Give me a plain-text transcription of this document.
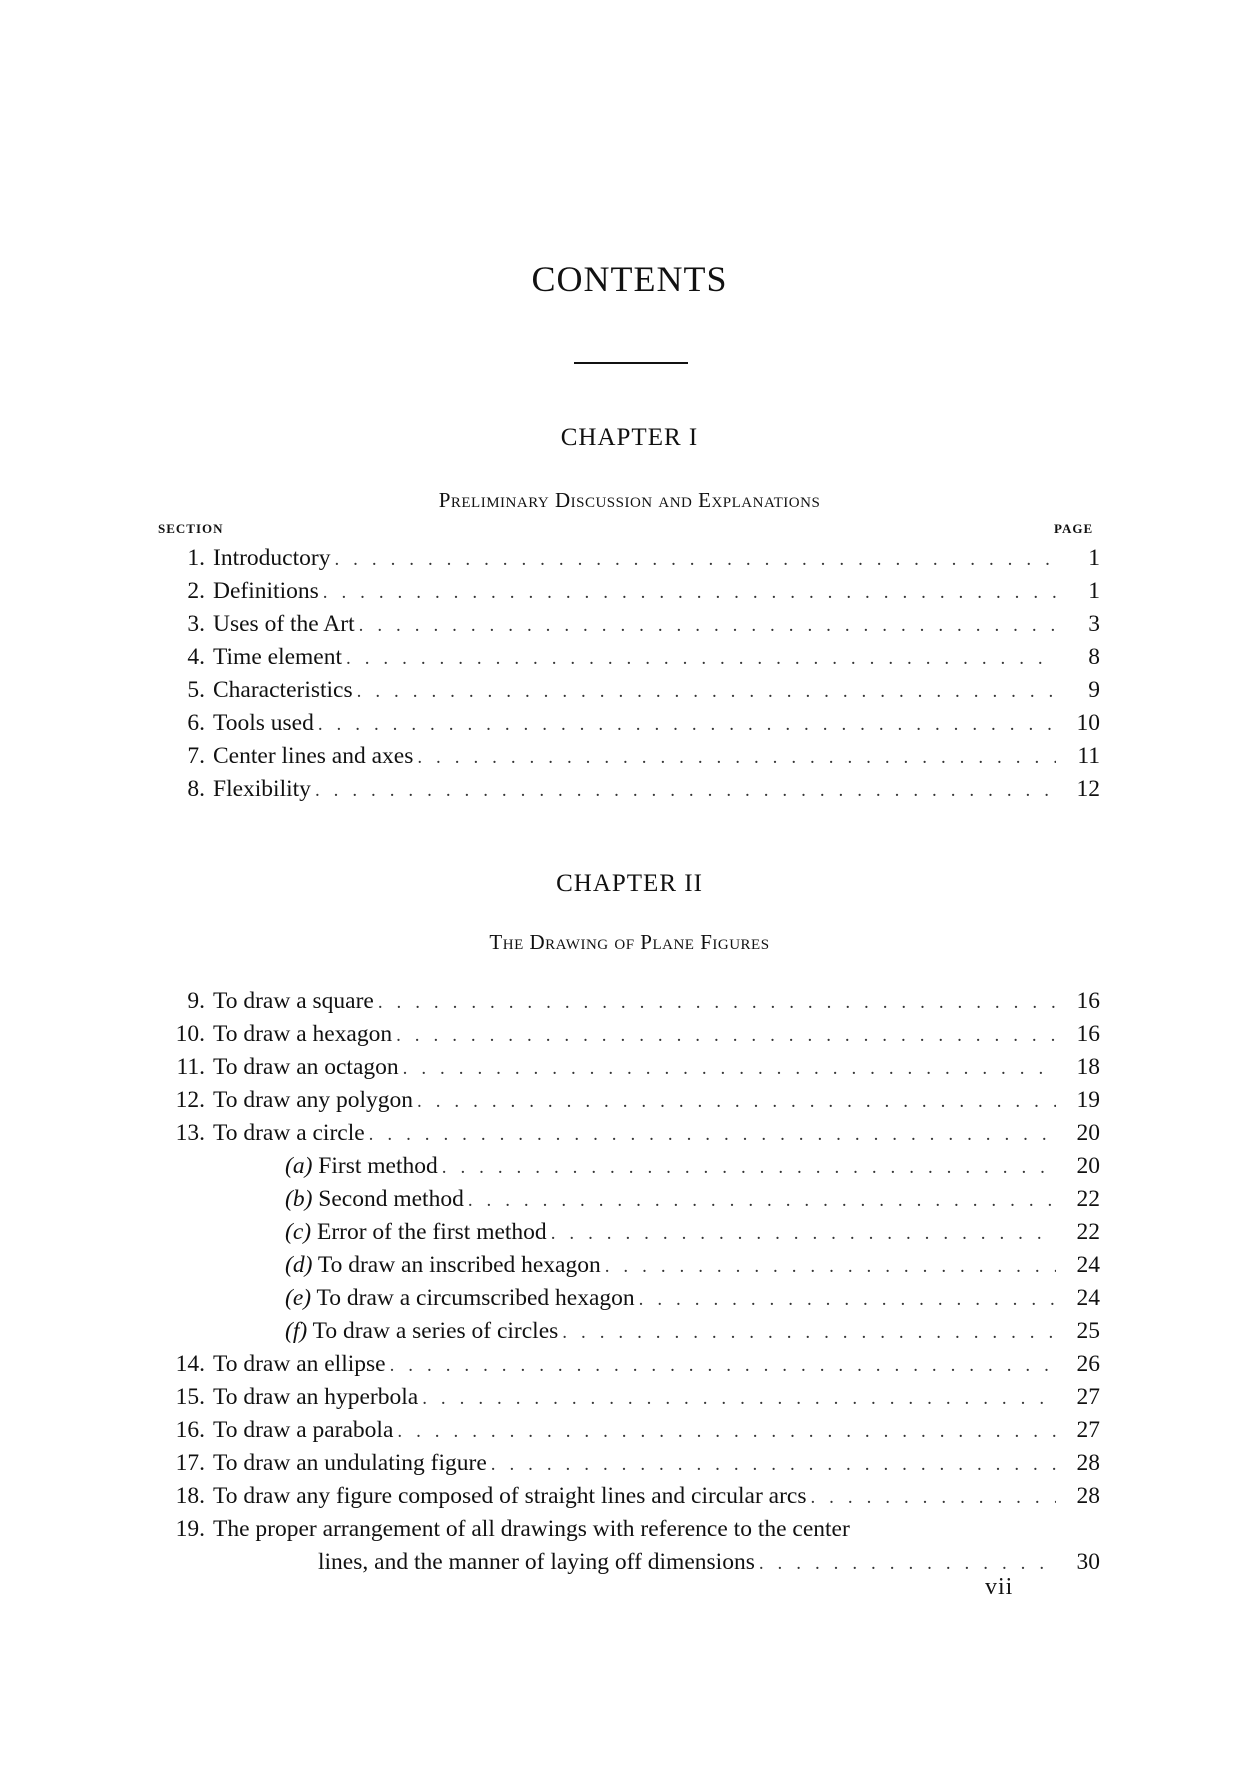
CONTENTS
CHAPTER I
Preliminary Discussion and Explanations
SECTION	PAGE
1. Introductory . . .	1
2. Definitions . . .	1
3. Uses of the Art . . .	3
4. Time element . . .	8
5. Characteristics . . .	9
6. Tools used . . .	10
7. Center lines and axes . . .	11
8. Flexibility . . .	12
CHAPTER II
The Drawing of Plane Figures
9. To draw a square . . .	16
10. To draw a hexagon . . .	16
11. To draw an octagon . . .	18
12. To draw any polygon . . .	19
13. To draw a circle . . .	20
(a) First method . . .	20
(b) Second method . . .	22
(c) Error of the first method . . .	22
(d) To draw an inscribed hexagon . . .	24
(e) To draw a circumscribed hexagon . . .	24
(f) To draw a series of circles . . .	25
14. To draw an ellipse . . .	26
15. To draw an hyperbola . . .	27
16. To draw a parabola . . .	27
17. To draw an undulating figure . . .	28
18. To draw any figure composed of straight lines and circular arcs . . .	28
19. The proper arrangement of all drawings with reference to the center
lines, and the manner of laying off dimensions . . .	30
vii
